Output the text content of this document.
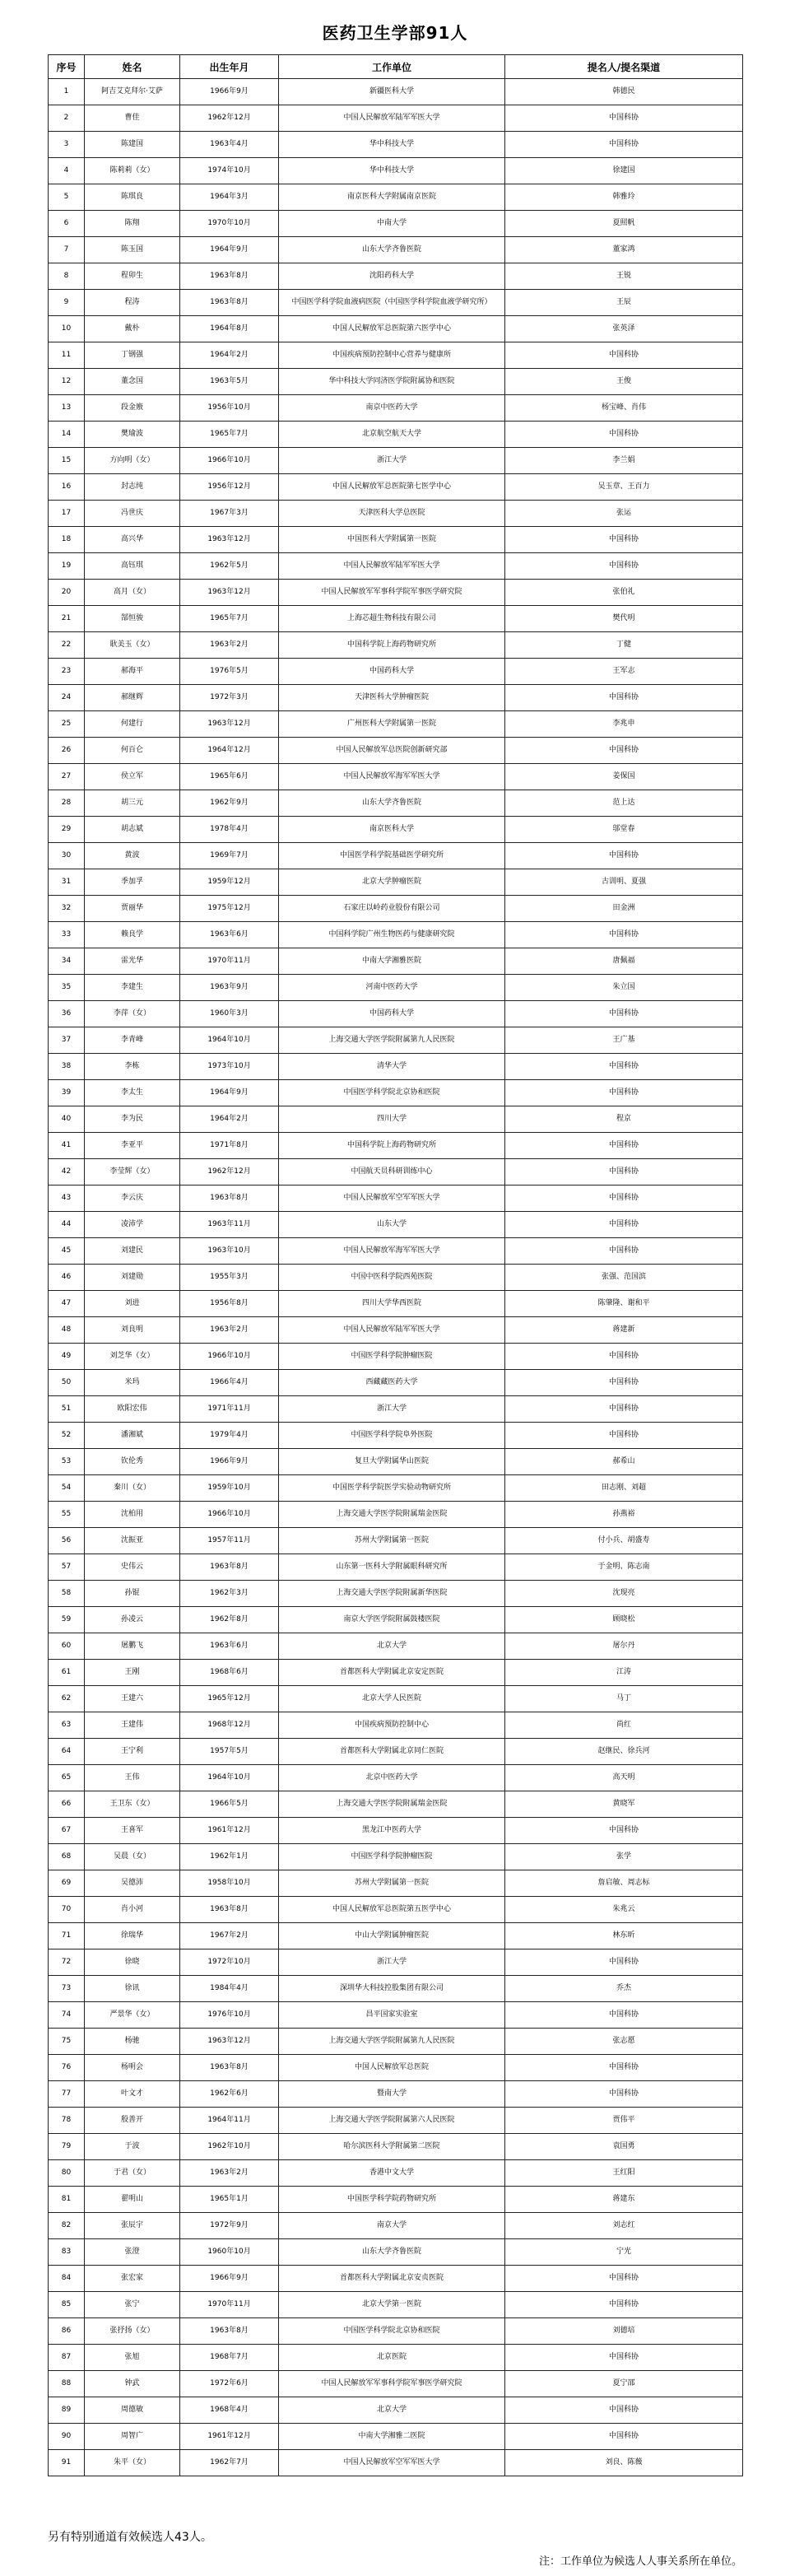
医药卫生学部91人
序号	姓名	出生年月	工作单位	提名人/提名渠道
1	阿吉艾克拜尔·艾萨	1966年9月	新疆医科大学	韩德民
2	曹佳	1962年12月	中国人民解放军陆军军医大学	中国科协
3	陈建国	1963年4月	华中科技大学	中国科协
4	陈莉莉（女）	1974年10月	华中科技大学	徐建国
5	陈琪良	1964年3月	南京医科大学附属南京医院	韩雅玲
6	陈翔	1970年10月	中南大学	夏照帆
7	陈玉国	1964年9月	山东大学齐鲁医院	董家鸿
8	程卯生	1963年8月	沈阳药科大学	王锐
9	程涛	1963年8月	中国医学科学院血液病医院（中国医学科学院血液学研究所）	王辰
10	戴朴	1964年8月	中国人民解放军总医院第六医学中心	张英泽
11	丁钢强	1964年2月	中国疾病预防控制中心营养与健康所	中国科协
12	董念国	1963年5月	华中科技大学同济医学院附属协和医院	王俊
13	段金廒	1956年10月	南京中医药大学	杨宝峰、肖伟
14	樊瑜波	1965年7月	北京航空航天大学	中国科协
15	方向明（女）	1966年10月	浙江大学	李兰娟
16	封志纯	1956年12月	中国人民解放军总医院第七医学中心	吴玉章、王百力
17	冯世庆	1967年3月	天津医科大学总医院	张运
18	高兴华	1963年12月	中国医科大学附属第一医院	中国科协
19	高钰琪	1962年5月	中国人民解放军陆军军医大学	中国科协
20	高月（女）	1963年12月	中国人民解放军军事科学院军事医学研究院	张伯礼
21	郜恒骏	1965年7月	上海芯超生物科技有限公司	樊代明
22	耿美玉（女）	1963年2月	中国科学院上海药物研究所	丁健
23	郝海平	1976年5月	中国药科大学	王军志
24	郝继辉	1972年3月	天津医科大学肿瘤医院	中国科协
25	何建行	1963年12月	广州医科大学附属第一医院	李兆申
26	何百仑	1964年12月	中国人民解放军总医院创新研究部	中国科协
27	侯立军	1965年6月	中国人民解放军海军军医大学	姜保国
28	胡三元	1962年9月	山东大学齐鲁医院	范上达
29	胡志斌	1978年4月	南京医科大学	邬堂春
30	黄波	1969年7月	中国医学科学院基础医学研究所	中国科协
31	季加孚	1959年12月	北京大学肿瘤医院	古训明、夏强
32	贾丽华	1975年12月	石家庄以岭药业股份有限公司	田金洲
33	赖良学	1963年6月	中国科学院广州生物医药与健康研究院	中国科协
34	雷光华	1970年11月	中南大学湘雅医院	唐佩福
35	李建生	1963年9月	河南中医药大学	朱立国
36	李萍（女）	1960年3月	中国药科大学	中国科协
37	李青峰	1964年10月	上海交通大学医学院附属第九人民医院	王广基
38	李栋	1973年10月	清华大学	中国科协
39	李太生	1964年9月	中国医学科学院北京协和医院	中国科协
40	李为民	1964年2月	四川大学	程京
41	李亚平	1971年8月	中国科学院上海药物研究所	中国科协
42	李莹辉（女）	1962年12月	中国航天员科研训练中心	中国科协
43	李云庆	1963年8月	中国人民解放军空军军医大学	中国科协
44	凌沛学	1963年11月	山东大学	中国科协
45	刘建民	1963年10月	中国人民解放军海军军医大学	中国科协
46	刘建勋	1955年3月	中国中医科学院西苑医院	张强、范国滨
47	刘进	1956年8月	四川大学华西医院	陈肇隆、谢和平
48	刘良明	1963年2月	中国人民解放军陆军军医大学	蒋建新
49	刘芝华（女）	1966年10月	中国医学科学院肿瘤医院	中国科协
50	米玛	1966年4月	西藏藏医药大学	中国科协
51	欧阳宏伟	1971年11月	浙江大学	中国科协
52	潘湘斌	1979年4月	中国医学科学院阜外医院	中国科协
53	钦伦秀	1966年9月	复旦大学附属华山医院	郝希山
54	秦川（女）	1959年10月	中国医学科学院医学实验动物研究所	田志刚、刘超
55	沈柏用	1966年10月	上海交通大学医学院附属瑞金医院	孙燕裕
56	沈振亚	1957年11月	苏州大学附属第一医院	付小兵、胡盛寿
57	史伟云	1963年8月	山东第一医科大学附属眼科研究所	于金明、陈志南
58	孙锟	1962年3月	上海交通大学医学院附属新华医院	沈现亮
59	孙凌云	1962年8月	南京大学医学院附属鼓楼医院	顾晓松
60	屠鹏飞	1963年6月	北京大学	屠尔丹
61	王刚	1968年6月	首都医科大学附属北京安定医院	江涛
62	王建六	1965年12月	北京大学人民医院	马丁
63	王建伟	1968年12月	中国疾病预防控制中心	尚红
64	王宁利	1957年5月	首都医科大学附属北京同仁医院	赵继民、徐兵河
65	王伟	1964年10月	北京中医药大学	高天明
66	王卫东（女）	1966年5月	上海交通大学医学院附属瑞金医院	黄晓军
67	王喜军	1961年12月	黑龙江中医药大学	中国科协
68	吴晨（女）	1962年1月	中国医学科学院肿瘤医院	张学
69	吴德沛	1958年10月	苏州大学附属第一医院	詹启敏、周志标
70	肖小河	1963年8月	中国人民解放军总医院第五医学中心	朱兆云
71	徐瑞华	1967年2月	中山大学附属肿瘤医院	林东昕
72	徐晓	1972年10月	浙江大学	中国科协
73	徐讯	1984年4月	深圳华大科技控股集团有限公司	乔杰
74	严景华（女）	1976年10月	昌平国家实验室	中国科协
75	杨驰	1963年12月	上海交通大学医学院附属第九人民医院	张志愿
76	杨明会	1963年8月	中国人民解放军总医院	中国科协
77	叶文才	1962年6月	暨南大学	中国科协
78	殷善开	1964年11月	上海交通大学医学院附属第六人民医院	贾伟平
79	于波	1962年10月	哈尔滨医科大学附属第二医院	袁国勇
80	于君（女）	1963年2月	香港中文大学	王红阳
81	翟明山	1965年1月	中国医学科学院药物研究所	蒋建东
82	张辰宇	1972年9月	南京大学	刘志红
83	张澄	1960年10月	山东大学齐鲁医院	宁光
84	张宏家	1966年9月	首都医科大学附属北京安贞医院	中国科协
85	张宁	1970年11月	北京大学第一医院	中国科协
86	张抒扬（女）	1963年8月	中国医学科学院北京协和医院	刘德培
87	张旭	1968年7月	北京医院	中国科协
88	钟武	1972年6月	中国人民解放军军事科学院军事医学研究院	夏宁邵
89	周德敏	1968年4月	北京大学	中国科协
90	周智广	1961年12月	中南大学湘雅二医院	中国科协
91	朱平（女）	1962年7月	中国人民解放军空军军医大学	刘良、陈薇
另有特别通道有效候选人43人。
注：工作单位为候选人人事关系所在单位。
